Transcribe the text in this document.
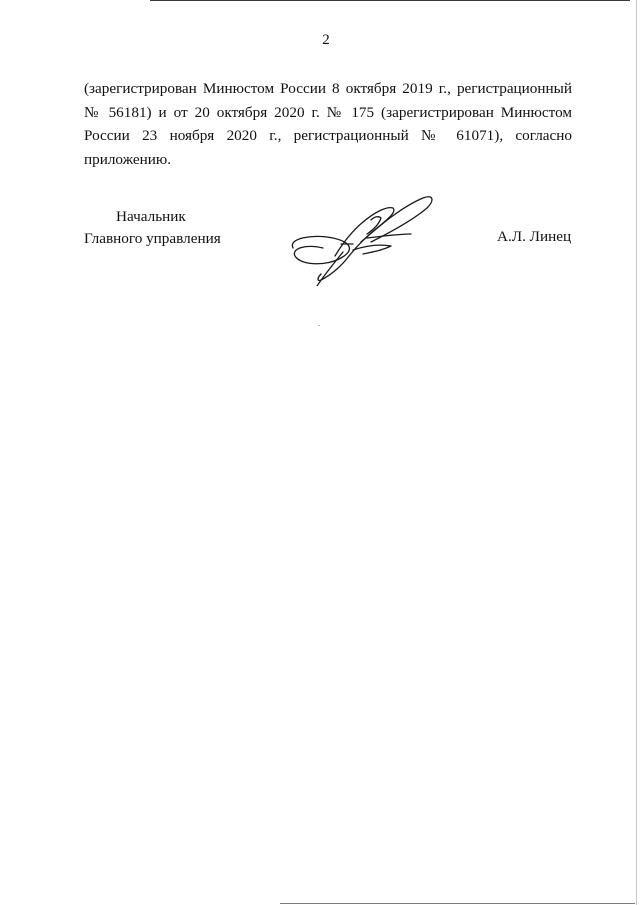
2
(зарегистрирован Минюстом России 8 октября 2019 г., регистрационный
№ 56181) и от 20 октября 2020 г. № 175 (зарегистрирован Минюстом
России 23 ноября 2020 г., регистрационный № 61071), согласно
приложению.
Начальник
Главного управления	А.Л. Линец
